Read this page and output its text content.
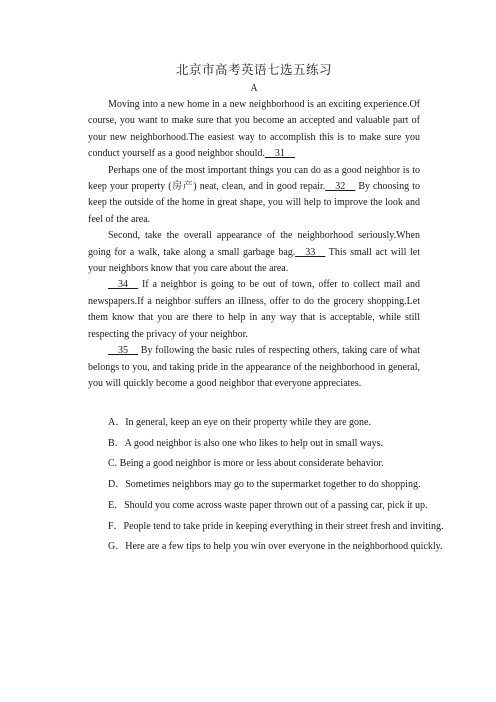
北京市高考英语七选五练习
A

Moving into a new home in a new neighborhood is an exciting experience.Of course, you want to make sure that you become an accepted and valuable part of your new neighborhood.The easiest way to accomplish this is to make sure you conduct yourself as a good neighbor should.__31__

Perhaps one of the most important things you can do as a good neighbor is to keep your property (房产) neat, clean, and in good repair.__32__ By choosing to keep the outside of the home in great shape, you will help to improve the look and feel of the area.

Second, take the overall appearance of the neighborhood seriously.When going for a walk, take along a small garbage bag.__33__ This small act will let your neighbors know that you care about the area.

__34__ If a neighbor is going to be out of town, offer to collect mail and newspapers.If a neighbor suffers an illness, offer to do the grocery shopping.Let them know that you are there to help in any way that is acceptable, while still respecting the privacy of your neighbor.

__35__ By following the basic rules of respecting others, taking care of what belongs to you, and taking pride in the appearance of the neighborhood in general, you will quickly become a good neighbor that everyone appreciates.

A．In general, keep an eye on their property while they are gone.
B．A good neighbor is also one who likes to help out in small ways.
C. Being a good neighbor is more or less about considerate behavior.
D．Sometimes neighbors may go to the supermarket together to do shopping.
E．Should you come across waste paper thrown out of a passing car, pick it up.
F．People tend to take pride in keeping everything in their street fresh and inviting.
G．Here are a few tips to help you win over everyone in the neighborhood quickly.
